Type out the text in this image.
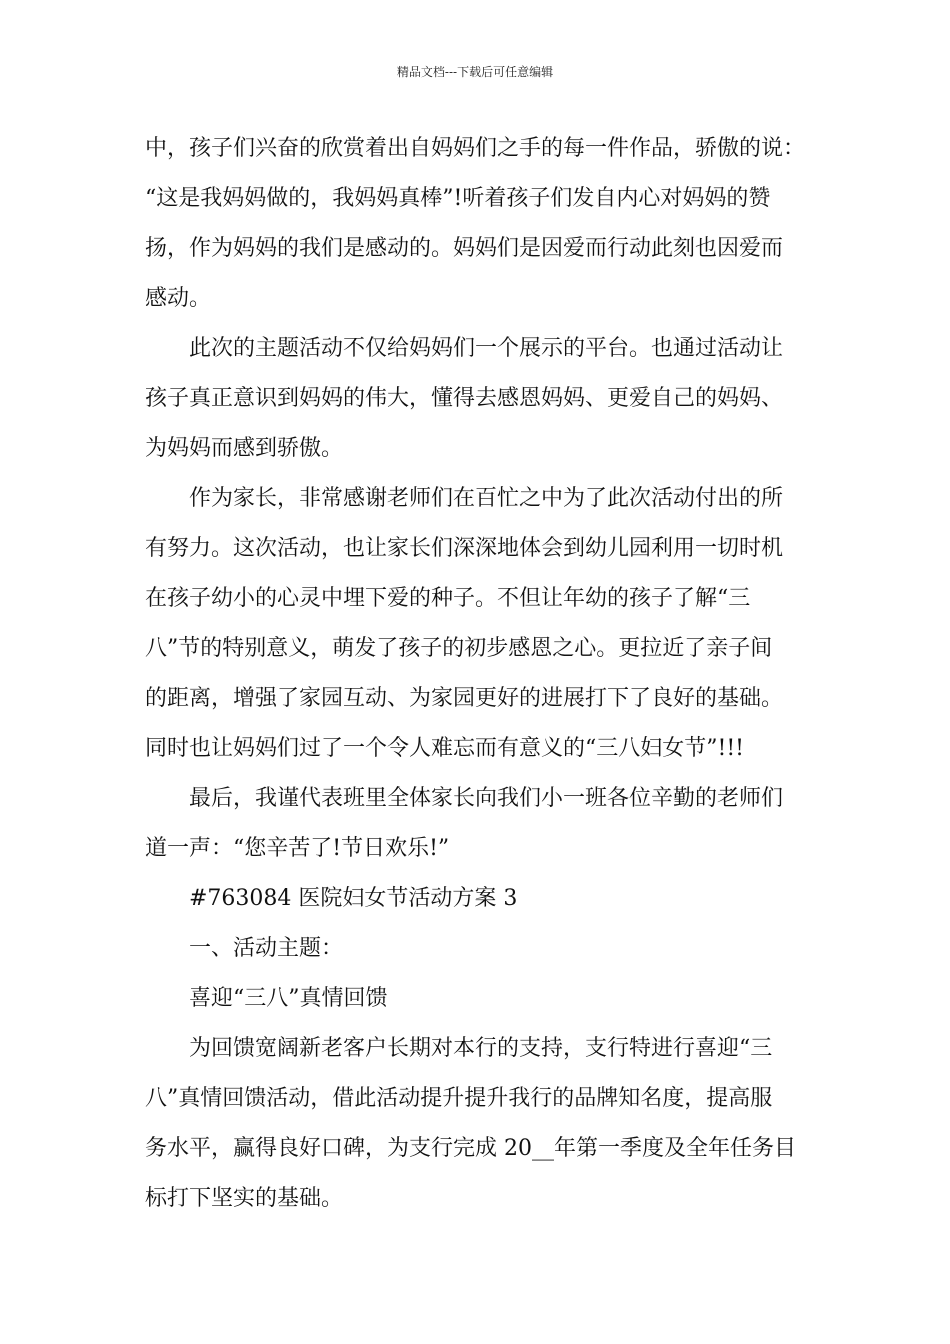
精品文档---下载后可任意编辑
中，孩子们兴奋的欣赏着出自妈妈们之手的每一件作品，骄傲的说：
“这是我妈妈做的，我妈妈真棒”!听着孩子们发自内心对妈妈的赞
扬，作为妈妈的我们是感动的。妈妈们是因爱而行动此刻也因爱而
感动。
此次的主题活动不仅给妈妈们一个展示的平台。也通过活动让
孩子真正意识到妈妈的伟大，懂得去感恩妈妈、更爱自己的妈妈、
为妈妈而感到骄傲。
作为家长，非常感谢老师们在百忙之中为了此次活动付出的所
有努力。这次活动，也让家长们深深地体会到幼儿园利用一切时机
在孩子幼小的心灵中埋下爱的种子。不但让年幼的孩子了解“三
八”节的特别意义，萌发了孩子的初步感恩之心。更拉近了亲子间
的距离，增强了家园互动、为家园更好的进展打下了良好的基础。
同时也让妈妈们过了一个令人难忘而有意义的“三八妇女节”!!!
最后，我谨代表班里全体家长向我们小一班各位辛勤的老师们
道一声：“您辛苦了!节日欢乐!”
#763084 医院妇女节活动方案 3
一、活动主题：
喜迎“三八”真情回馈
为回馈宽阔新老客户长期对本行的支持，支行特进行喜迎“三
八”真情回馈活动，借此活动提升提升我行的品牌知名度，提高服
务水平，赢得良好口碑，为支行完成 20__年第一季度及全年任务目
标打下坚实的基础。
